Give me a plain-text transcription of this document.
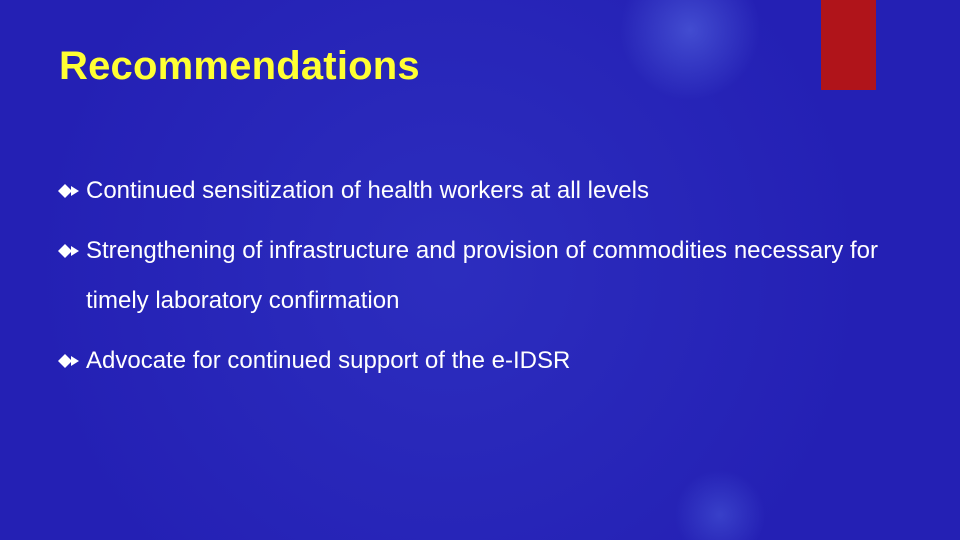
Recommendations
Continued sensitization of health workers at all levels
Strengthening of infrastructure and provision of commodities necessary for timely laboratory confirmation
Advocate for continued support of the e-IDSR
